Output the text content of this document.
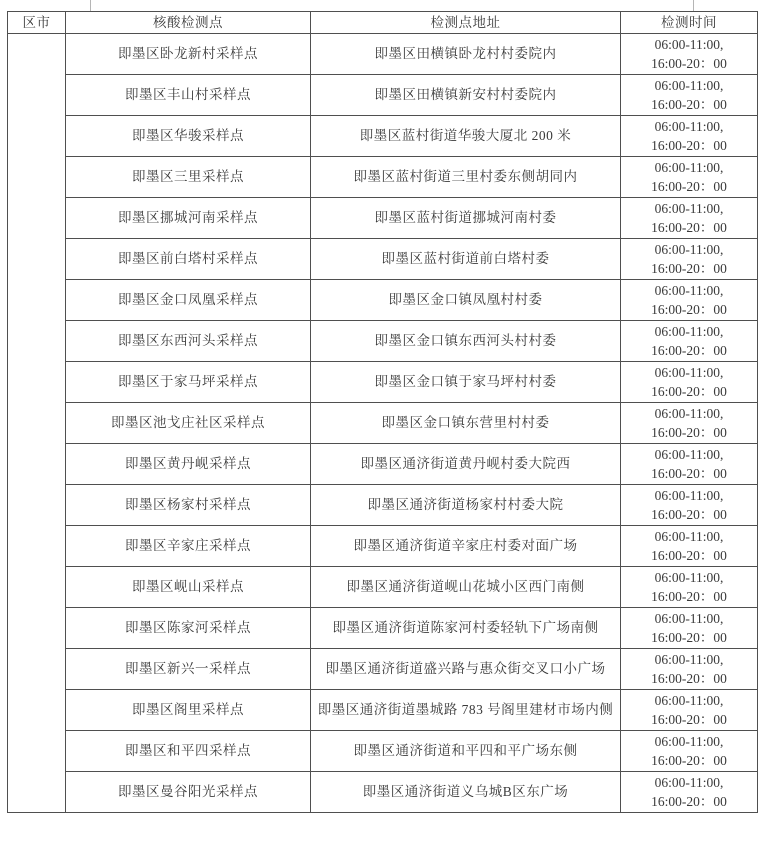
区市	核酸检测点	检测点地址	检测时间
	即墨区卧龙新村采样点	即墨区田横镇卧龙村村委院内	06:00-11:00,
16:00-20：00

	即墨区丰山村采样点	即墨区田横镇新安村村委院内	06:00-11:00,
16:00-20：00

	即墨区华骏采样点	即墨区蓝村街道华骏大厦北 200 米	06:00-11:00,
16:00-20：00

	即墨区三里采样点	即墨区蓝村街道三里村委东侧胡同内	06:00-11:00,
16:00-20：00

	即墨区挪城河南采样点	即墨区蓝村街道挪城河南村委	06:00-11:00,
16:00-20：00

	即墨区前白塔村采样点	即墨区蓝村街道前白塔村委	06:00-11:00,
16:00-20：00

	即墨区金口凤凰采样点	即墨区金口镇凤凰村村委	06:00-11:00,
16:00-20：00

	即墨区东西河头采样点	即墨区金口镇东西河头村村委	06:00-11:00,
16:00-20：00

	即墨区于家马坪采样点	即墨区金口镇于家马坪村村委	06:00-11:00,
16:00-20：00

	即墨区池戈庄社区采样点	即墨区金口镇东营里村村委	06:00-11:00,
16:00-20：00

	即墨区黄丹岘采样点	即墨区通济街道黄丹岘村委大院西	06:00-11:00,
16:00-20：00

	即墨区杨家村采样点	即墨区通济街道杨家村村委大院	06:00-11:00,
16:00-20：00

	即墨区辛家庄采样点	即墨区通济街道辛家庄村委对面广场	06:00-11:00,
16:00-20：00

	即墨区岘山采样点	即墨区通济街道岘山花城小区西门南侧	06:00-11:00,
16:00-20：00

	即墨区陈家河采样点	即墨区通济街道陈家河村委轻轨下广场南侧	06:00-11:00,
16:00-20：00

	即墨区新兴一采样点	即墨区通济街道盛兴路与惠众街交叉口小广场	06:00-11:00,
16:00-20：00

	即墨区阁里采样点	即墨区通济街道墨城路 783 号阁里建材市场内侧	06:00-11:00,
16:00-20：00

	即墨区和平四采样点	即墨区通济街道和平四和平广场东侧	06:00-11:00,
16:00-20：00

	即墨区曼谷阳光采样点	即墨区通济街道义乌城B区东广场	06:00-11:00,
16:00-20：00
